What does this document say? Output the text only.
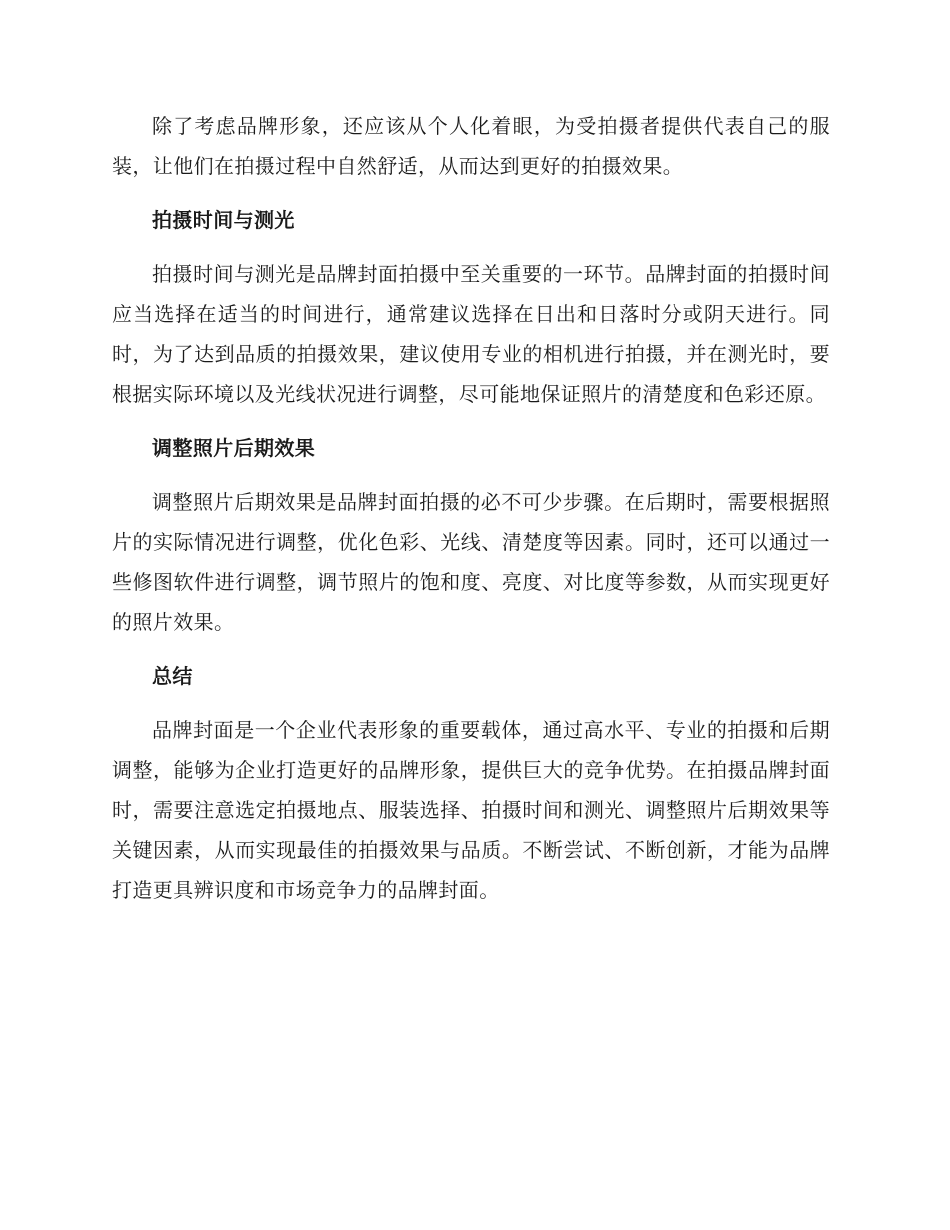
除了考虑品牌形象，还应该从个人化着眼，为受拍摄者提供代表自己的服装，让他们在拍摄过程中自然舒适，从而达到更好的拍摄效果。

拍摄时间与测光

拍摄时间与测光是品牌封面拍摄中至关重要的一环节。品牌封面的拍摄时间应当选择在适当的时间进行，通常建议选择在日出和日落时分或阴天进行。同时，为了达到品质的拍摄效果，建议使用专业的相机进行拍摄，并在测光时，要根据实际环境以及光线状况进行调整，尽可能地保证照片的清楚度和色彩还原。

调整照片后期效果

调整照片后期效果是品牌封面拍摄的必不可少步骤。在后期时，需要根据照片的实际情况进行调整，优化色彩、光线、清楚度等因素。同时，还可以通过一些修图软件进行调整，调节照片的饱和度、亮度、对比度等参数，从而实现更好的照片效果。

总结

品牌封面是一个企业代表形象的重要载体，通过高水平、专业的拍摄和后期调整，能够为企业打造更好的品牌形象，提供巨大的竞争优势。在拍摄品牌封面时，需要注意选定拍摄地点、服装选择、拍摄时间和测光、调整照片后期效果等关键因素，从而实现最佳的拍摄效果与品质。不断尝试、不断创新，才能为品牌打造更具辨识度和市场竞争力的品牌封面。
